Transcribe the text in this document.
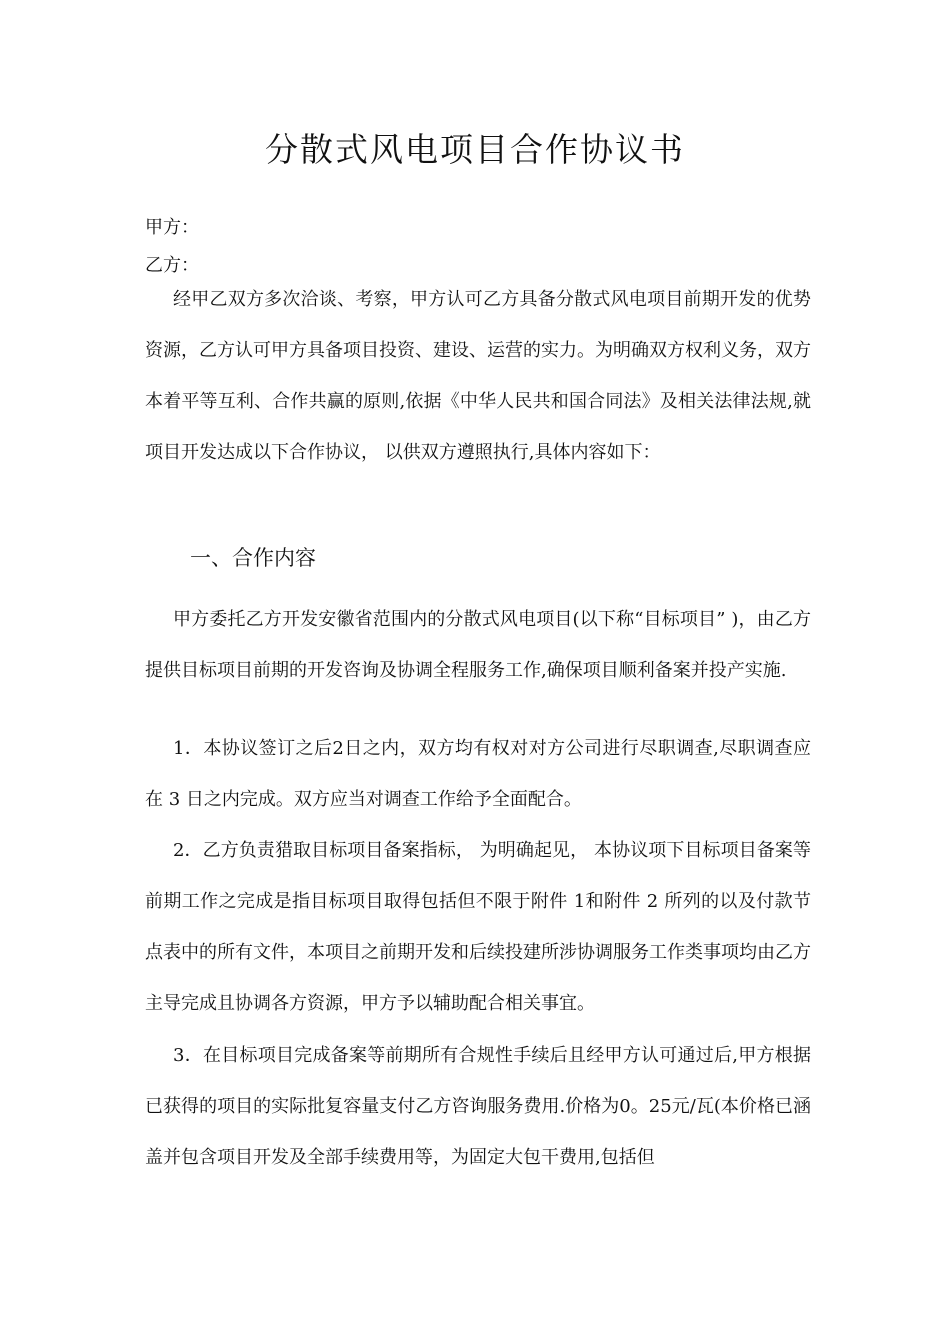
分散式风电项目合作协议书
甲方：
乙方：

经甲乙双方多次洽谈、考察，甲方认可乙方具备分散式风电项目前期开发的优势资源，乙方认可甲方具备项目投资、建设、运营的实力。为明确双方权利义务，双方本着平等互利、合作共赢的原则,依据《中华人民共和国合同法》及相关法律法规,就项目开发达成以下合作协议， 以供双方遵照执行,具体内容如下：

一、合作内容

甲方委托乙方开发安徽省范围内的分散式风电项目(以下称“目标项目” )，由乙方提供目标项目前期的开发咨询及协调全程服务工作,确保项目顺利备案并投产实施.

1．本协议签订之后2日之内，双方均有权对对方公司进行尽职调查,尽职调查应在 3 日之内完成。双方应当对调查工作给予全面配合。

2．乙方负责猎取目标项目备案指标， 为明确起见， 本协议项下目标项目备案等前期工作之完成是指目标项目取得包括但不限于附件 1和附件 2 所列的以及付款节点表中的所有文件，本项目之前期开发和后续投建所涉协调服务工作类事项均由乙方主导完成且协调各方资源，甲方予以辅助配合相关事宜。

3．在目标项目完成备案等前期所有合规性手续后且经甲方认可通过后,甲方根据已获得的项目的实际批复容量支付乙方咨询服务费用.价格为0。25元/瓦(本价格已涵盖并包含项目开发及全部手续费用等，为固定大包干费用,包括但
